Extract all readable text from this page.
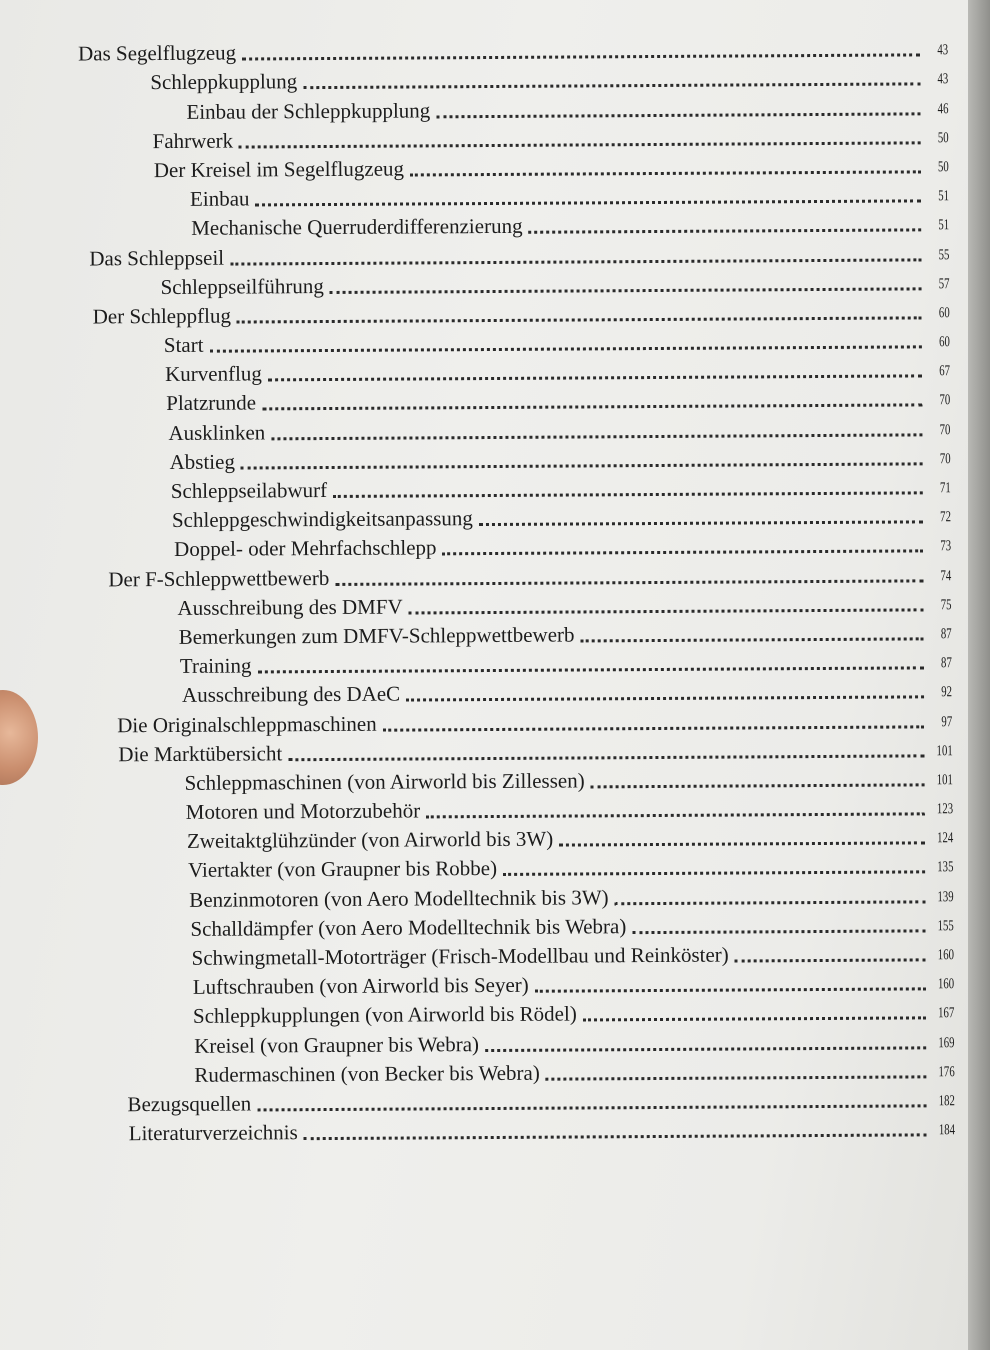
Das Segelflugzeug	43
Schleppkupplung	43
Einbau der Schleppkupplung	46
Fahrwerk	50
Der Kreisel im Segelflugzeug	50
Einbau	51
Mechanische Querruderdifferenzierung	51
Das Schleppseil	55
Schleppseilführung	57
Der Schleppflug	60
Start	60
Kurvenflug	67
Platzrunde	70
Ausklinken	70
Abstieg	70
Schleppseilabwurf	71
Schleppgeschwindigkeitsanpassung	72
Doppel- oder Mehrfachschlepp	73
Der F-Schleppwettbewerb	74
Ausschreibung des DMFV	75
Bemerkungen zum DMFV-Schleppwettbewerb	87
Training	87
Ausschreibung des DAeC	92
Die Originalschleppmaschinen	97
Die Marktübersicht	101
Schleppmaschinen (von Airworld bis Zillessen)	101
Motoren und Motorzubehör	123
Zweitaktglühzünder (von Airworld bis 3W)	124
Viertakter (von Graupner bis Robbe)	135
Benzinmotoren (von Aero Modelltechnik bis 3W)	139
Schalldämpfer (von Aero Modelltechnik bis Webra)	155
Schwingmetall-Motorträger (Frisch-Modellbau und Reinköster)	160
Luftschrauben (von Airworld bis Seyer)	160
Schleppkupplungen (von Airworld bis Rödel)	167
Kreisel (von Graupner bis Webra)	169
Rudermaschinen (von Becker bis Webra)	176
Bezugsquellen	182
Literaturverzeichnis	184
